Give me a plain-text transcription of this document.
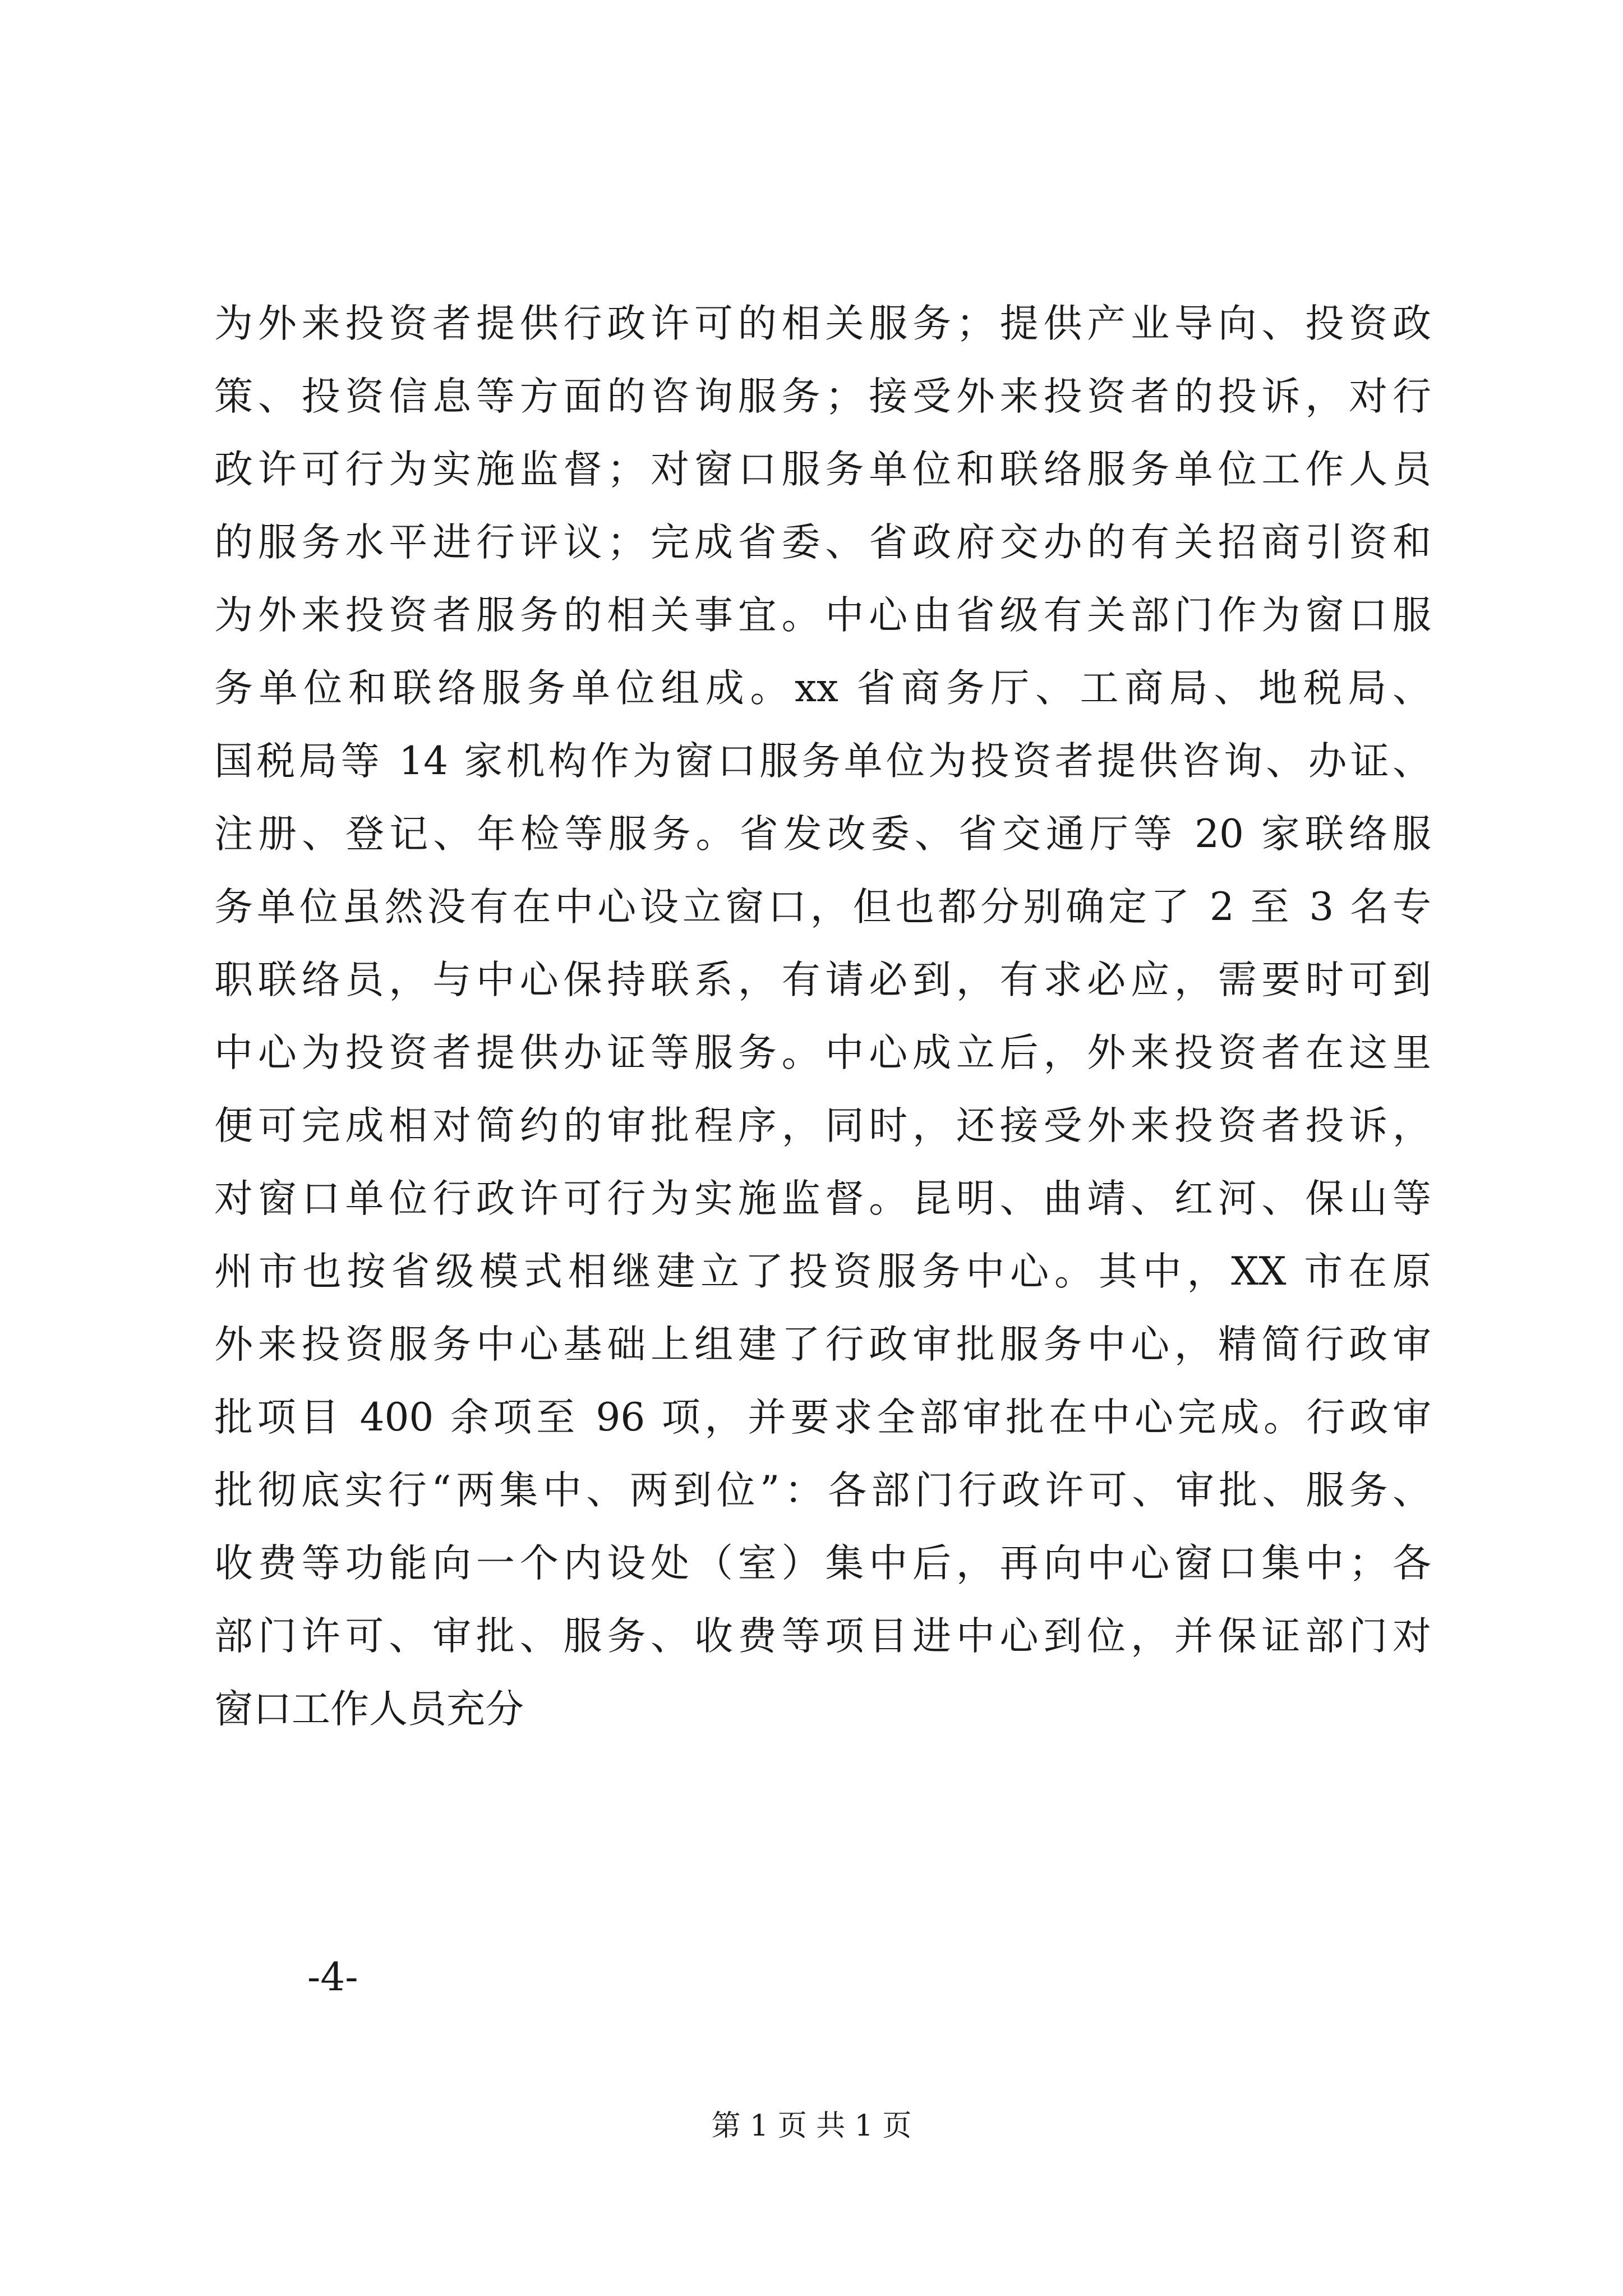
为外来投资者提供行政许可的相关服务；提供产业导向、投资政
策、投资信息等方面的咨询服务；接受外来投资者的投诉，对行
政许可行为实施监督；对窗口服务单位和联络服务单位工作人员
的服务水平进行评议；完成省委、省政府交办的有关招商引资和
为外来投资者服务的相关事宜。中心由省级有关部门作为窗口服
务单位和联络服务单位组成。xx 省商务厅、工商局、地税局、
国税局等 14 家机构作为窗口服务单位为投资者提供咨询、办证、
注册、登记、年检等服务。省发改委、省交通厅等 20 家联络服
务单位虽然没有在中心设立窗口，但也都分别确定了 2 至 3 名专
职联络员，与中心保持联系，有请必到，有求必应，需要时可到
中心为投资者提供办证等服务。中心成立后，外来投资者在这里
便可完成相对简约的审批程序，同时，还接受外来投资者投诉，
对窗口单位行政许可行为实施监督。昆明、曲靖、红河、保山等
州市也按省级模式相继建立了投资服务中心。其中，XX 市在原
外来投资服务中心基础上组建了行政审批服务中心，精简行政审
批项目 400 余项至 96 项，并要求全部审批在中心完成。行政审
批彻底实行“两集中、两到位”：各部门行政许可、审批、服务、
收费等功能向一个内设处（室）集中后，再向中心窗口集中；各
部门许可、审批、服务、收费等项目进中心到位，并保证部门对
窗口工作人员充分
-4-
第 1 页 共 1 页
